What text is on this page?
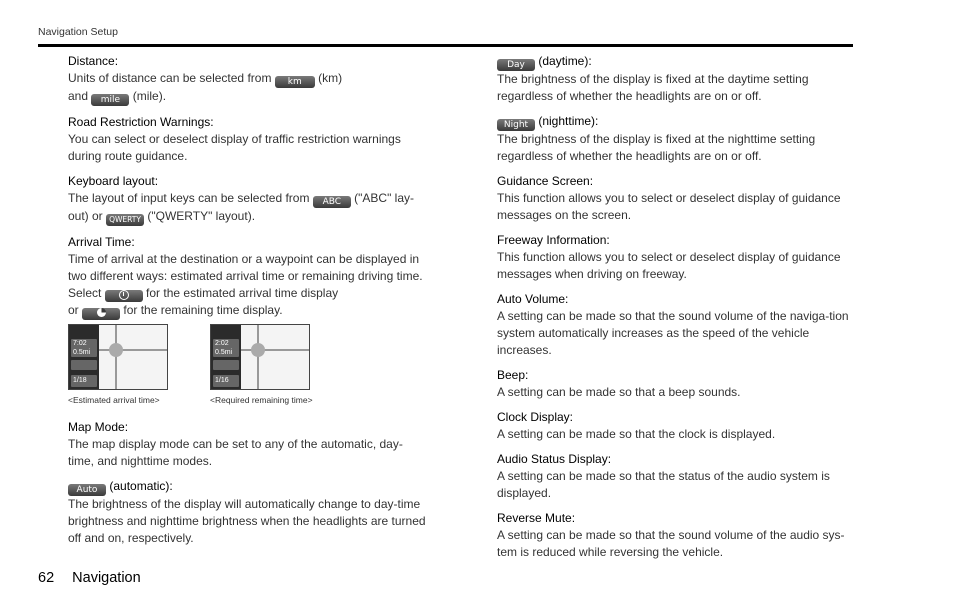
Navigation Setup
Distance:
Units of distance can be selected from km (km)
and mile (mile).
Road Restriction Warnings:
You can select or deselect display of traffic restriction warnings during route guidance.
Keyboard layout:
The layout of input keys can be selected from ABC ("ABC" lay-
out) or QWERTY ("QWERTY" layout).
Arrival Time:
Time of arrival at the destination or a waypoint can be displayed in two different ways: estimated arrival time or remaining driving time. Select	for the estimated arrival time display
or	for the remaining time display.
7:02
0.5mi
1/18
<Estimated arrival time>
2:02
0.5mi
1/16
<Required remaining time>
Map Mode:
The map display mode can be set to any of the automatic, day-time, and nighttime modes.
Auto (automatic):
The brightness of the display will automatically change to day-time brightness and nighttime brightness when the headlights are turned off and on, respectively.
Day (daytime):
The brightness of the display is fixed at the daytime setting regardless of whether the headlights are on or off.
Night (nighttime):
The brightness of the display is fixed at the nighttime setting regardless of whether the headlights are on or off.
Guidance Screen:
This function allows you to select or deselect display of guidance messages on the screen.
Freeway Information:
This function allows you to select or deselect display of guidance messages when driving on freeway.
Auto Volume:
A setting can be made so that the sound volume of the naviga-tion system automatically increases as the speed of the vehicle increases.
Beep:
A setting can be made so that a beep sounds.
Clock Display:
A setting can be made so that the clock is displayed.
Audio Status Display:
A setting can be made so that the status of the audio system is displayed.
Reverse Mute:
A setting can be made so that the sound volume of the audio sys-tem is reduced while reversing the vehicle.
62 Navigation
